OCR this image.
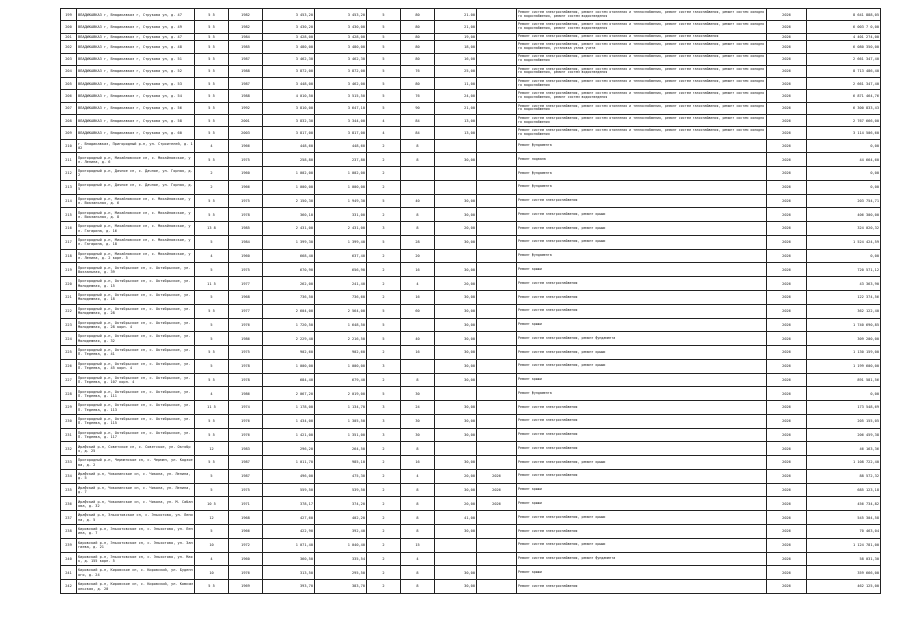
199	ВЛАДИКАВКАЗ г, Владикавказ г, Струкова ул, д. 47	5 5	1982	3 453,20	3 453,20	5	80	21.00		Ремонт систем электроснабжения, ремонт систем отопления и теплоснабжения, ремонт систем газоснабжения, ремонт систем холодного водоснабжения, ремонт систем водоотведения	2026	8 641 888,05
200	ВЛАДИКАВКАЗ г, Владикавказ г, Струкова ул, д. 49	5 5	1982	3 430,20	3 430,00	5	80	21,00		Ремонт систем электроснабжения, ремонт систем отопления и теплоснабжения, ремонт систем газоснабжения, ремонт систем холодного водоснабжения, ремонт систем водоотведения	2026	6 003 7 0,00
201	ВЛАДИКАВКАЗ г, Владикавказ г, Струкова ул, д. 47	5 5	1984	3 428,00	3 428,00	5	80	19,00		Ремонт систем электроснабжения, ремонт систем отопления и теплоснабжения, ремонт систем газоснабжения	2026	4 401 2?4,00
202	ВЛАДИКАВКАЗ г, Владикавказ г, Струкова ул, д. 48	5 5	1985	3 480,00	3 480,00	5	80	18,00		Ремонт систем электроснабжения, ремонт систем отопления и теплоснабжения, ремонт систем газоснабжения, ремонт систем холодного водоснабжения, установка узлов учета	2026	6 080 350,00
203	ВЛАДИКАВКАЗ г, Владикавказ г, Струкова ул, д. 51	5 5	1987	3 462,30	3 462,30	5	80	16,00		Ремонт систем электроснабжения, ремонт систем отопления и теплоснабжения, ремонт систем газоснабжения, ремонт систем холодного водоснабжения	2026	2 661 347,40
204	ВЛАДИКАВКАЗ г, Владикавказ г, Струкова ул, д. 52	5 5	1988	3 872,00	3 872,00	5	76	25,00		Ремонт систем электроснабжения, ремонт систем отопления и теплоснабжения, ремонт систем газоснабжения, ремонт систем холодного водоснабжения, ремонт систем водоотведения	2026	8 713 486,40
205	ВЛАДИКАВКАЗ г, Владикавказ г, Струкова ул, д. 53	5 5	1987	3 448,00	3 462,00	5	80	11,00		Ремонт систем электроснабжения, ремонт систем отопления и теплоснабжения, ремонт систем газоснабжения, ремонт систем холодного водоснабжения	2026	2 661 347,40
206	ВЛАДИКАВКАЗ г, Владикавказ г, Струкова ул, д. 54	5 5	1988	4 010,50	3 515,50	5	76	24,00		Ремонт систем электроснабжения, ремонт систем отопления и теплоснабжения, ремонт систем газоснабжения, ремонт систем холодного водоснабжения, ремонт систем водоотведения	2026	6 871 464,76
207	ВЛАДИКАВКАЗ г, Владикавказ г, Струкова ул, д. 56	5 5	1992	3 810,00	3 647,10	5	90	21,00		Ремонт систем электроснабжения, ремонт систем отопления и теплоснабжения, ремонт систем газоснабжения, ремонт систем холодного водоснабжения	2026	6 300 833,43
208	ВЛАДИКАВКАЗ г, Владикавказ г, Струкова ул, д. 58	5 5	2001	3 832,30	3 344,00	4	84	13,00		Ремонт систем электроснабжения, ремонт систем отопления и теплоснабжения, ремонт систем газоснабжения, ремонт систем холодного водоснабжения	2026	2 767 666,00
209	ВЛАДИКАВКАЗ г, Владикавказ г, Струкова ул, д. 60	5 5	2003	3 817,00	3 817,00	4	84	13,00		Ремонт систем электроснабжения, ремонт систем отопления и теплоснабжения, ремонт систем газоснабжения, ремонт систем холодного водоснабжения	2026	3 114 506,60
210	г. Владикавказ, Пригородный р-н, ул. Строителей, д. 102	4	1966	448,60	448,60	2	8			Ремонт фундамента	2026	0,00
211	Пригородный р-н, Михайловское сп, с. Михайловское, ул. Ленина, д. 6	5 5	1975	258,80	237,80	2	8	30,00		Ремонт подвала	2026	44 664,60
212	Пригородный р-н, Дачное сп, с. Дачное, ул. Горная, д. 2	2	1960	1 002,00	1 002,00	2				Ремонт фундамента	2026	0,00
213	Пригородный р-н, Дачное сп, с. Дачное, ул. Горная, д. 5	2	1966	1 000,00	1 000,00	2				Ремонт фундамента	2026	0,00
214	Пригородный р-н, Михайловское сп, с. Михайловское, ул. Вокзальная, д. 6	5 5	1975	2 150,30	1 949,30	5	40	30,00		Ремонт систем электроснабжения	2026	203 754,71
215	Пригородный р-н, Михайловское сп, с. Михайловское, ул. Вокзальная, д. 8	5 5	1978	360,10	331,00	2	8	30,00		Ремонт систем электроснабжения, ремонт крыши	2026	406 300,00
216	Пригородный р-н, Михайловское сп, с. Михайловское, ул. Гагарина, д. 16	13 8	1985	2 431,00	2 431,00	3	8	20,00		Ремонт систем электроснабжения, ремонт крыши	2026	324 020,32
217	Пригородный р-н, Михайловское сп, с. Михайловское, ул. Гагарина, д. 18	5	1984	1 399,30	1 399,40	5	28	30,00		Ремонт систем электроснабжения, ремонт крыши	2026	1 524 424,59
218	Пригородный р-н, Михайловское сп, с. Михайловское, ул. Ленина, д. 2 корп. 5	4	1960	668,40	637,40	2	20			Ремонт фундамента	2026	0,00
219	Пригородный р-н, Октябрьское сп, с. Октябрьское, ул. Вокзальная, д. 39	5	1975	670,90	656,90	2	16	30,00		Ремонт крыши	2026	720 571,12
220	Пригородный р-н, Октябрьское сп, с. Октябрьское, ул. Молодежная, д. 15	11 5	1977	262,00	241,40	2	4	20,00		Ремонт систем электроснабжения	2026	43 363,90
221	Пригородный р-н, Октябрьское сп, с. Октябрьское, ул. Молодежная, д. 18	5	1968	736,50	736,60	2	16	30,00		Ремонт систем электроснабжения	2026	122 374,56
222	Пригородный р-н, Октябрьское сп, с. Октябрьское, ул. Молодежная, д. 28	5 5	1977	2 604,00	2 564,00	5	60	30,00		Ремонт систем электроснабжения	2026	362 122,40
223	Пригородный р-н, Октябрьское сп, с. Октябрьское, ул. Молодежная, д. 28 корп. 4	5	1976	1 720,50	1 648,50	5		30,00		Ремонт крыши	2026	1 740 690,85
224	Пригородный р-н, Октябрьское сп, с. Октябрьское, ул. Молодежная, д. 32	5	1986	2 229,40	2 216,50	5	40	30,00		Ремонт систем электроснабжения, ремонт фундамента	2026	309 200,00
225	Пригородный р-н, Октябрьское сп, с. Октябрьское, ул. П. Тедеева, д. 41	5 5	1975	902,60	902,60	2	16	30,00		Ремонт систем электроснабжения, ремонт крыши	2026	1 130 159,00
226	Пригородный р-н, Октябрьское сп, с. Октябрьское, ул. П. Тедеева, д. 45 корп. 4	5	1978	1 000,00	1 000,00	3		30,00		Ремонт систем электроснабжения, ремонт крыши	2026	1 199 600,00
227	Пригородный р-н, Октябрьское сп, с. Октябрьское, ул. П. Тедеева, д. 107 корп. 4	5 5	1978	684,40	679,40	2	8	30,00		Ремонт крыши	2026	891 581,56
228	Пригородный р-н, Октябрьское сп, с. Октябрьское, ул. П. Тедеева, д. 111	4	1986	2 067,20	2 019,00	5	30			Ремонт фундамента	2026	0,00
229	Пригородный р-н, Октябрьское сп, с. Октябрьское, ул. П. Тедеева, д. 113	11 5	1974	1 178,00	1 134,70	3	24	30,00		Ремонт систем электроснабжения	2026	173 548,69
230	Пригородный р-н, Октябрьское сп, с. Октябрьское, ул. П. Тедеева, д. 115	5 5	1976	1 434,00	1 305,50	3	30	30,00		Ремонт систем электроснабжения	2026	205 155,05
231	Пригородный р-н, Октябрьское сп, с. Октябрьское, ул. П. Тедеева, д. 117	5 5	1976	1 421,00	1 351,00	3	30	30,00		Ремонт систем электроснабжения	2026	206 459,38
232	Ирафский р-н, Советское сп, с. Советское, ул. Октября, д. 25	12	1983	296,20	264,50	2	8			Ремонт систем электроснабжения	2026	46 163,36
233	Пригородный р-н, Черменское сп, с. Чермен, ул. Кодзоева, д. 2	5 5	1987	1 011,70	985,10	2	16	30,00		Ремонт систем электроснабжения, ремонт крыши	2026	1 108 722,40
234	Ирафский р-н, Чиколинское сп, с. Чикола, ул. Ленина, д. 5	5	1987	496,00	475,30	2	4	20,00	2026	Ремонт систем электроснабжения	2026	88 572,32
235	Ирафский р-н, Чиколинское сп, с. Чикола, ул. Ленина, д. 7	5	1975	559,50	539,50	2	8	30,00	2026	Ремонт крыши	2026	685 123,18
236	Ирафский р-н, Чиколинское сп, с. Чикола, ул. М. Сабанова, д. 32	10 5	1971	378,17	374,20	2	8	20,00	2026	Ремонт крыши	2026	456 734,82
237	Ирафский р-н, Эльхотовское сп, с. Эльхотово, ул. Ленина, д. 5	12	1968	427,60	402,20	2	8	41,00		Ремонт систем электроснабжения, ремонт крыши	2026	545 304,58
238	Кировский р-н, Эльхотовское сп, с. Эльхотово, ул. Ленина, д. 7	5	1966	422,90	392,40	2	8	30,00		Ремонт систем электроснабжения	2026	70 463,04
239	Кировский р-н, Эльхотовское сп, с. Эльхотово, ул. Зангиева, д. 21	10	1972	1 071,40	1 040,40	2	15			Ремонт систем электроснабжения, ремонт крыши	2026	1 124 781,00
240	Кировский р-н, Эльхотовское сп, с. Эльхотово, ул. Маяк, д. 155 корп. 5	4	1960	360,50	335,54	2	4			Ремонт систем электроснабжения, ремонт фундамента	2026	58 031,30
241	Кировский р-н, Кировское сп, с. Кировский, ул. Буденного, д. 24	10	1976	313,50	295,50	2	8	30,00		Ремонт крыши	2026	359 666,00
242	Кировский р-н, Кировское сп, с. Кировский, ул. Комсомольская, д. 20	5 5	1969	393,70	383,70	2	8	30,00		Ремонт систем электроснабжения	2026	462 125,00
